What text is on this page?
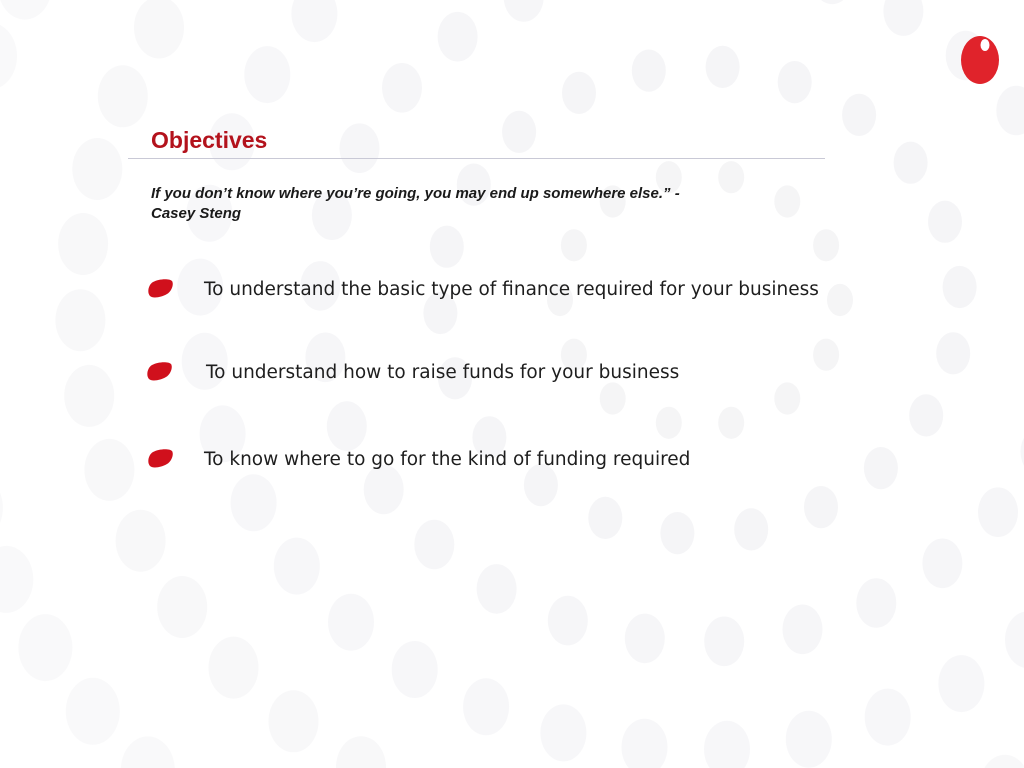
Objectives

If you don’t know where you’re going, you may end up somewhere else.” -
Casey Steng

To understand the basic type of finance required for your business
To understand how to raise funds for your business
To know where to go for the kind of funding required
